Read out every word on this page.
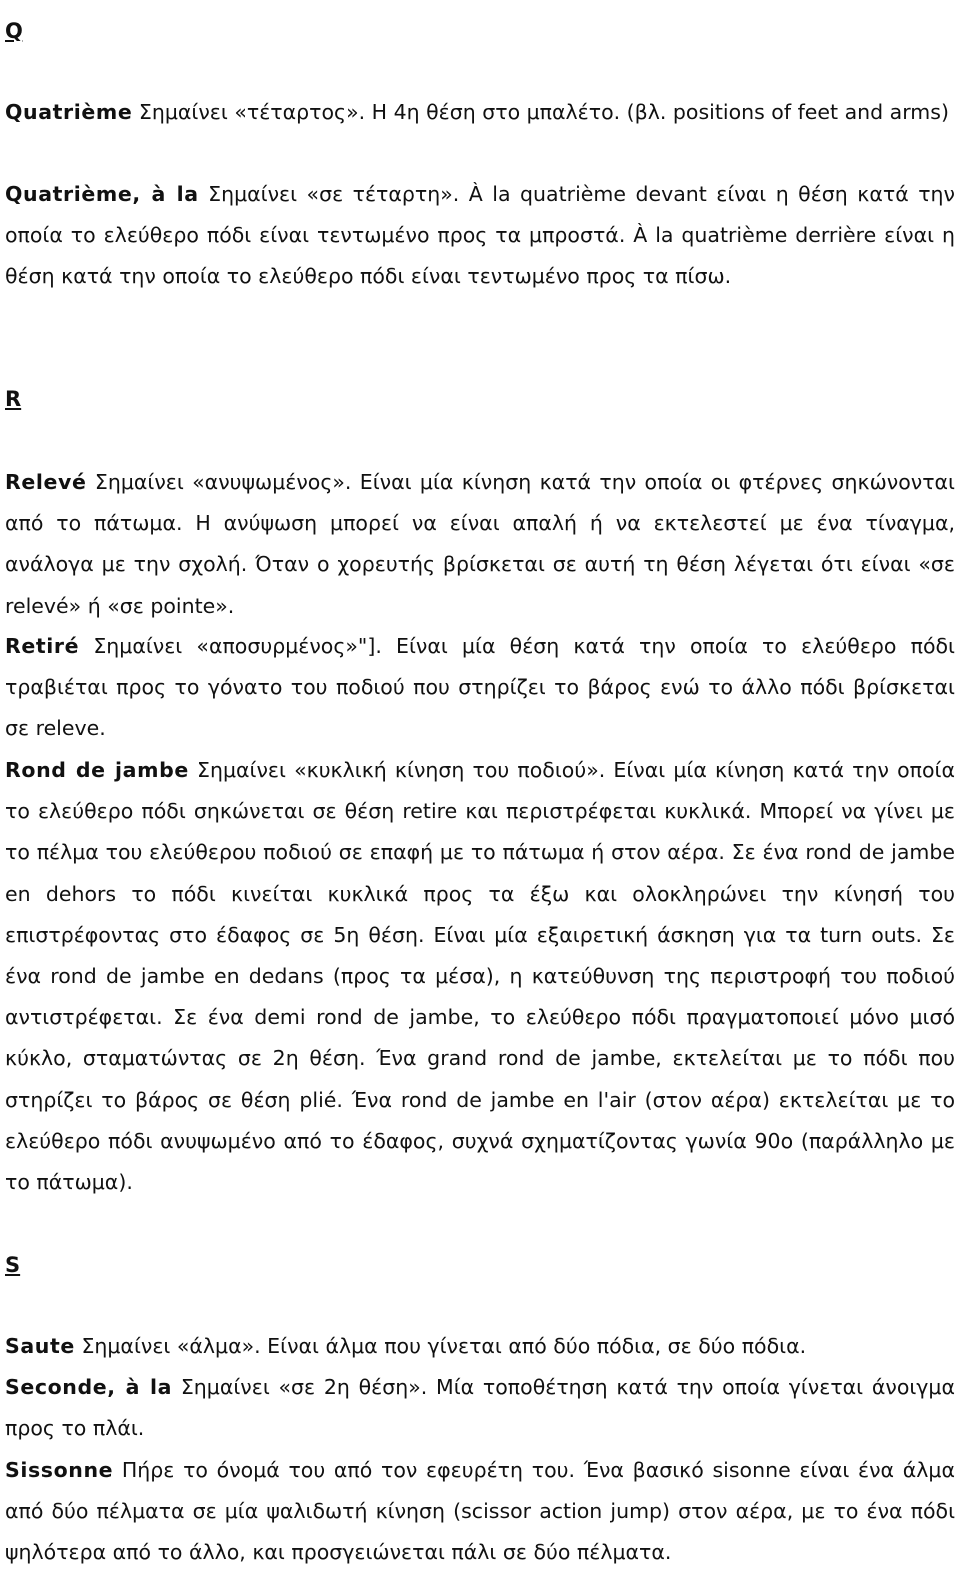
Q

Quatrième Σημαίνει «τέταρτος». Η 4η θέση στο μπαλέτο. (βλ. positions of feet and arms)

Quatrième, à la Σημαίνει «σε τέταρτη». À la quatrième devant είναι η θέση κατά την οποία το ελεύθερο πόδι είναι τεντωμένο προς τα μπροστά. À la quatrième derrière είναι η θέση κατά την οποία το ελεύθερο πόδι είναι τεντωμένο προς τα πίσω.

R

Relevé Σημαίνει «ανυψωμένος». Είναι μία κίνηση κατά την οποία οι φτέρνες σηκώνονται από το πάτωμα. Η ανύψωση μπορεί να είναι απαλή ή να εκτελεστεί με ένα τίναγμα, ανάλογα με την σχολή. Όταν ο χορευτής βρίσκεται σε αυτή τη θέση λέγεται ότι είναι «σε relevé» ή «σε pointe».

Retiré Σημαίνει «αποσυρμένος»"]. Είναι μία θέση κατά την οποία το ελεύθερο πόδι τραβιέται προς το γόνατο του ποδιού που στηρίζει το βάρος ενώ το άλλο πόδι βρίσκεται σε releve.

Rond de jambe Σημαίνει «κυκλική κίνηση του ποδιού». Είναι μία κίνηση κατά την οποία το ελεύθερο πόδι σηκώνεται σε θέση retire και περιστρέφεται κυκλικά. Μπορεί να γίνει με το πέλμα του ελεύθερου ποδιού σε επαφή με το πάτωμα ή στον αέρα. Σε ένα rond de jambe en dehors το πόδι κινείται κυκλικά προς τα έξω και ολοκληρώνει την κίνησή του επιστρέφοντας στο έδαφος σε 5η θέση. Είναι μία εξαιρετική άσκηση για τα turn outs. Σε ένα rond de jambe en dedans (προς τα μέσα), η κατεύθυνση της περιστροφή του ποδιού αντιστρέφεται. Σε ένα demi rond de jambe, το ελεύθερο πόδι πραγματοποιεί μόνο μισό κύκλο, σταματώντας σε 2η θέση. Ένα grand rond de jambe, εκτελείται με το πόδι που στηρίζει το βάρος σε θέση plié. Ένα rond de jambe en l'air (στον αέρα) εκτελείται με το ελεύθερο πόδι ανυψωμένο από το έδαφος, συχνά σχηματίζοντας γωνία 90ο (παράλληλο με το πάτωμα).

S

Saute Σημαίνει «άλμα». Είναι άλμα που γίνεται από δύο πόδια, σε δύο πόδια.

Seconde, à la Σημαίνει «σε 2η θέση». Μία τοποθέτηση κατά την οποία γίνεται άνοιγμα προς το πλάι.

Sissonne Πήρε το όνομά του από τον εφευρέτη του. Ένα βασικό sisonne είναι ένα άλμα από δύο πέλματα σε μία ψαλιδωτή κίνηση (scissor action jump) στον αέρα, με το ένα πόδι ψηλότερα από το άλλο, και προσγειώνεται πάλι σε δύο πέλματα.
